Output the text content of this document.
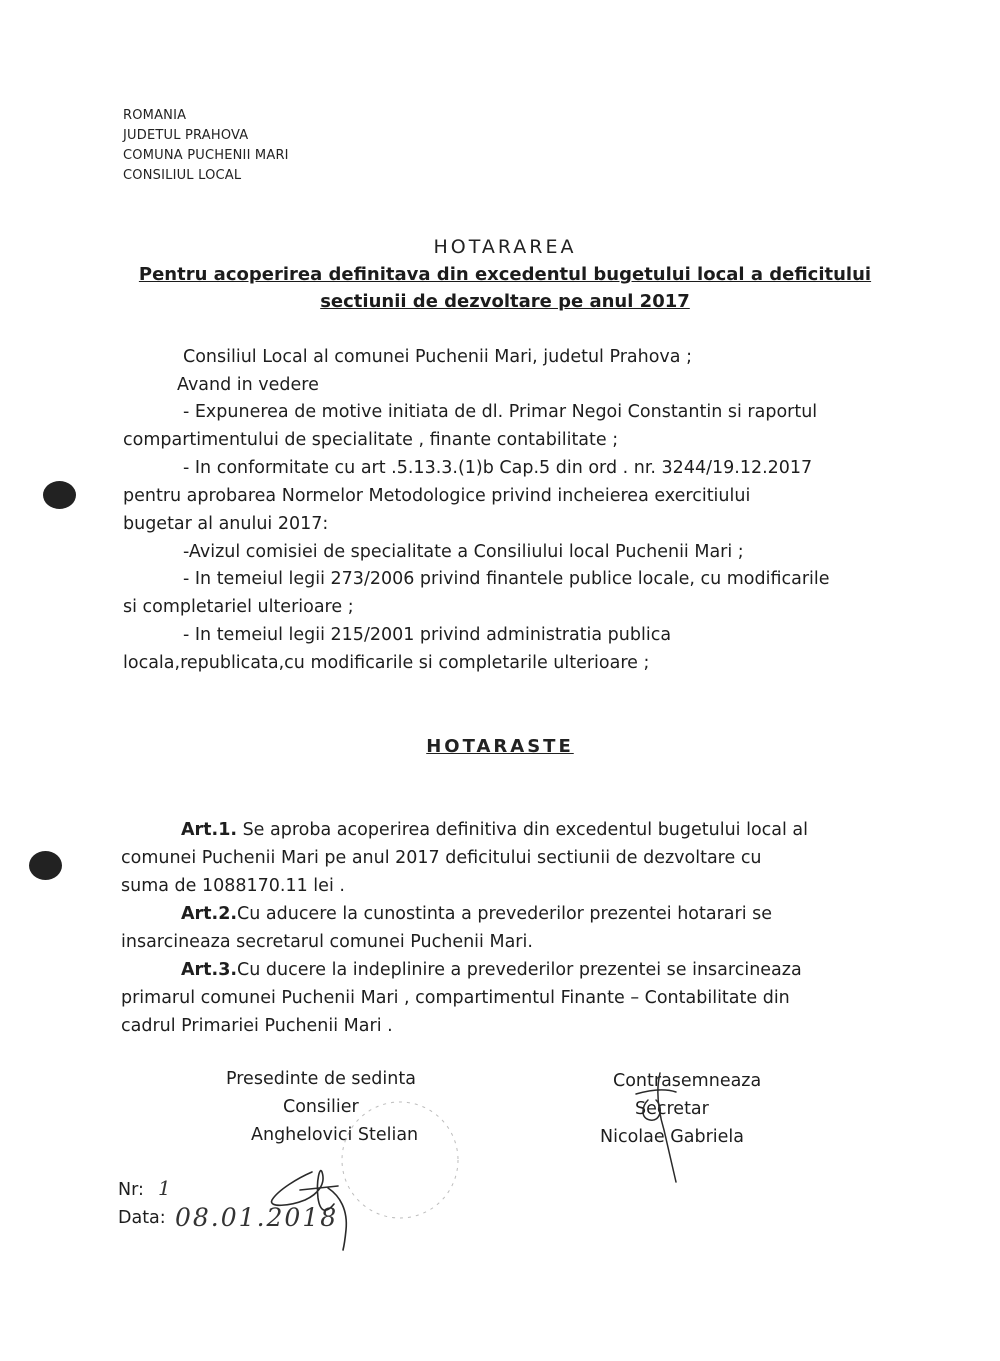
ROMANIA
JUDETUL PRAHOVA
COMUNA PUCHENII MARI
CONSILIUL LOCAL
HOTARAREA
Pentru acoperirea definitava din excedentul bugetului local a deficitului
sectiunii de dezvoltare pe anul 2017
Consiliul Local al comunei Puchenii Mari, judetul Prahova ;
Avand in vedere
- Expunerea de motive initiata de dl. Primar Negoi Constantin si raportul
compartimentului de specialitate , finante contabilitate ;
- In conformitate cu art .5.13.3.(1)b Cap.5 din ord . nr. 3244/19.12.2017
pentru aprobarea Normelor Metodologice privind incheierea exercitiului
bugetar al anului 2017:
-Avizul comisiei de specialitate a Consiliului local Puchenii Mari ;
- In temeiul legii 273/2006 privind finantele publice locale, cu modificarile
si completariel ulterioare ;
- In temeiul legii 215/2001 privind administratia publica
locala,republicata,cu modificarile si completarile ulterioare ;
HOTARASTE
Art.1. Se aproba acoperirea definitiva din excedentul bugetului local al
comunei Puchenii Mari pe anul 2017 deficitului sectiunii de dezvoltare cu
suma de 1088170.11 lei .
Art.2.Cu aducere la cunostinta a prevederilor prezentei hotarari se
insarcineaza secretarul comunei Puchenii Mari.
Art.3.Cu ducere la indeplinire a prevederilor prezentei se insarcineaza
primarul comunei Puchenii Mari , compartimentul Finante – Contabilitate din
cadrul Primariei Puchenii Mari .
Presedinte de sedinta
Consilier
Anghelovici Stelian
Contrasemneaza
Secretar
Nicolae Gabriela
Nr: 1
Data: 08.01.2018
